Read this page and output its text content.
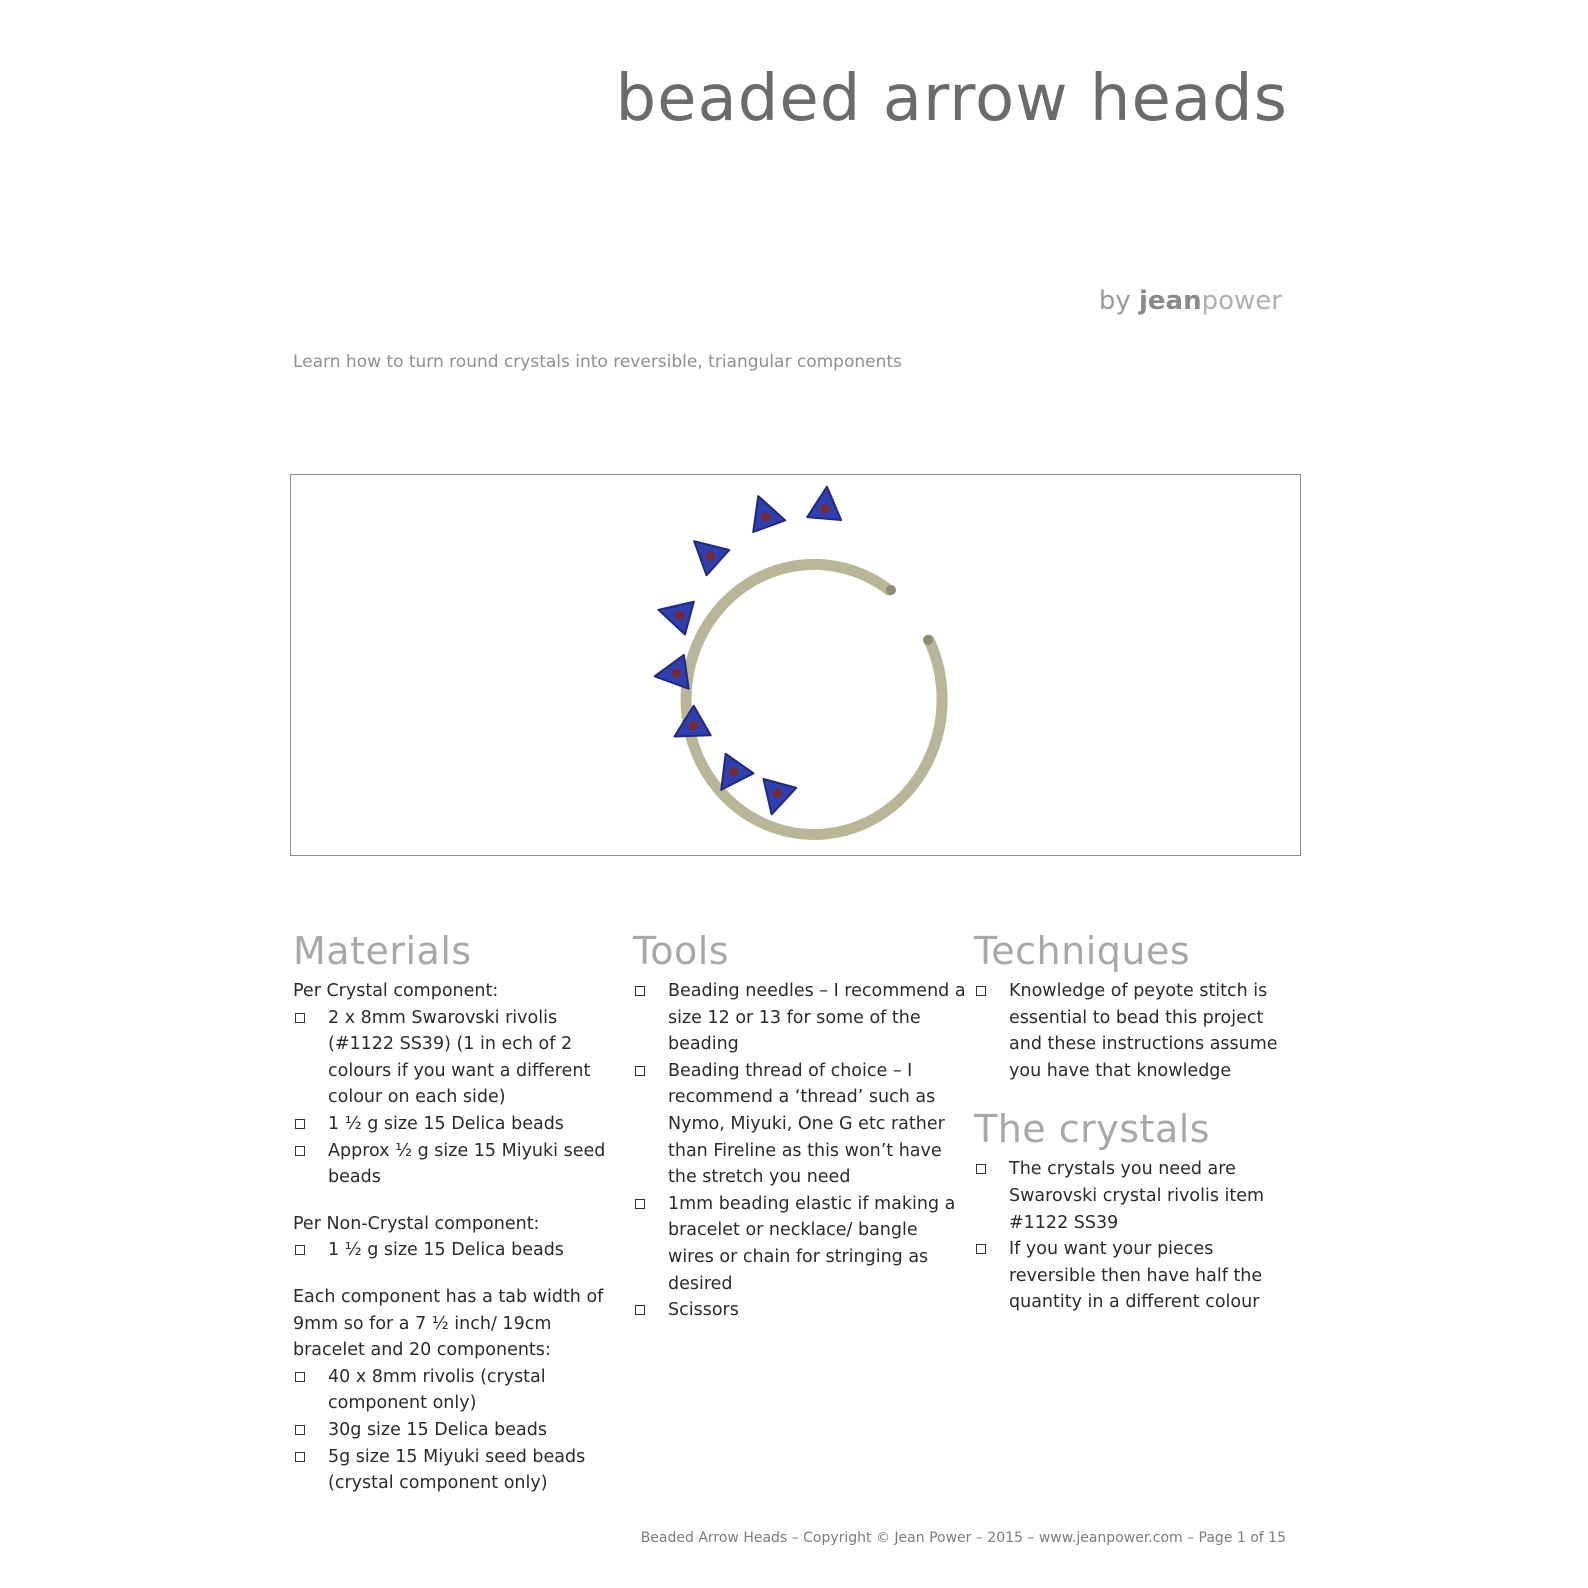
beaded arrow heads
by jeanpower
Learn how to turn round crystals into reversible, triangular components
Materials

Per Crystal component:

2 x 8mm Swarovski rivolis (#1122 SS39) (1 in ech of 2 colours if you want a different colour on each side)
1 ½ g size 15 Delica beads
Approx ½ g size 15 Miyuki seed beads

Per Non-Crystal component:

1 ½ g size 15 Delica beads

Each component has a tab width of 9mm so for a 7 ½ inch/ 19cm bracelet and 20 components:

40 x 8mm rivolis (crystal component only)
30g size 15 Delica beads
5g size 15 Miyuki seed beads (crystal component only)
Tools
Beading needles – I recommend a size 12 or 13 for some of the beading
Beading thread of choice – I recommend a ‘thread’ such as Nymo, Miyuki, One G etc rather than Fireline as this won’t have the stretch you need
1mm beading elastic if making a bracelet or necklace/ bangle wires or chain for stringing as desired
Scissors
Techniques
Knowledge of peyote stitch is essential to bead this project and these instructions assume you have that knowledge
The crystals
The crystals you need are Swarovski crystal rivolis item #1122 SS39
If you want your pieces reversible then have half the quantity in a different colour
Beaded Arrow Heads – Copyright © Jean Power – 2015 – www.jeanpower.com – Page 1 of 15
